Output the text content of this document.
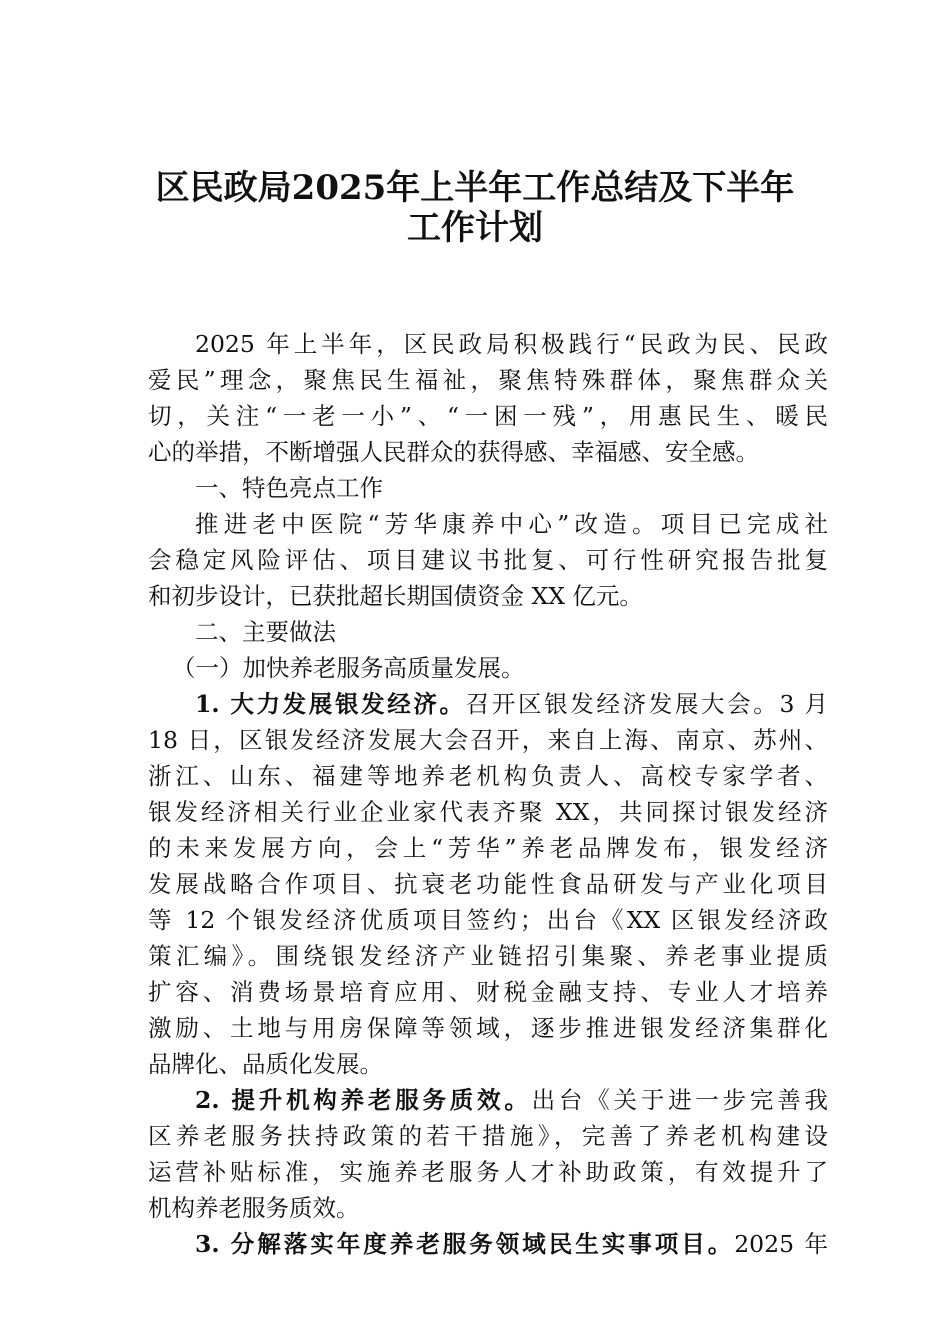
区民政局2025年上半年工作总结及下半年
工作计划
2025 年上半年，区民政局积极践行“民政为民、民政
爱民”理念，聚焦民生福祉，聚焦特殊群体，聚焦群众关
切，关注“一老一小”、“一困一残”，用惠民生、暖民
心的举措，不断增强人民群众的获得感、幸福感、安全感。
一、特色亮点工作
推进老中医院“芳华康养中心”改造。项目已完成社
会稳定风险评估、项目建议书批复、可行性研究报告批复
和初步设计，已获批超长期国债资金 XX 亿元。
二、主要做法
（一）加快养老服务高质量发展。
1. 大力发展银发经济。召开区银发经济发展大会。3 月
18 日，区银发经济发展大会召开，来自上海、南京、苏州、
浙江、山东、福建等地养老机构负责人、高校专家学者、
银发经济相关行业企业家代表齐聚 XX，共同探讨银发经济
的未来发展方向，会上“芳华”养老品牌发布，银发经济
发展战略合作项目、抗衰老功能性食品研发与产业化项目
等 12 个银发经济优质项目签约；出台《XX 区银发经济政
策汇编》。围绕银发经济产业链招引集聚、养老事业提质
扩容、消费场景培育应用、财税金融支持、专业人才培养
激励、土地与用房保障等领域，逐步推进银发经济集群化
品牌化、品质化发展。
2. 提升机构养老服务质效。出台《关于进一步完善我
区养老服务扶持政策的若干措施》，完善了养老机构建设
运营补贴标准，实施养老服务人才补助政策，有效提升了
机构养老服务质效。
3. 分解落实年度养老服务领域民生实事项目。2025 年
